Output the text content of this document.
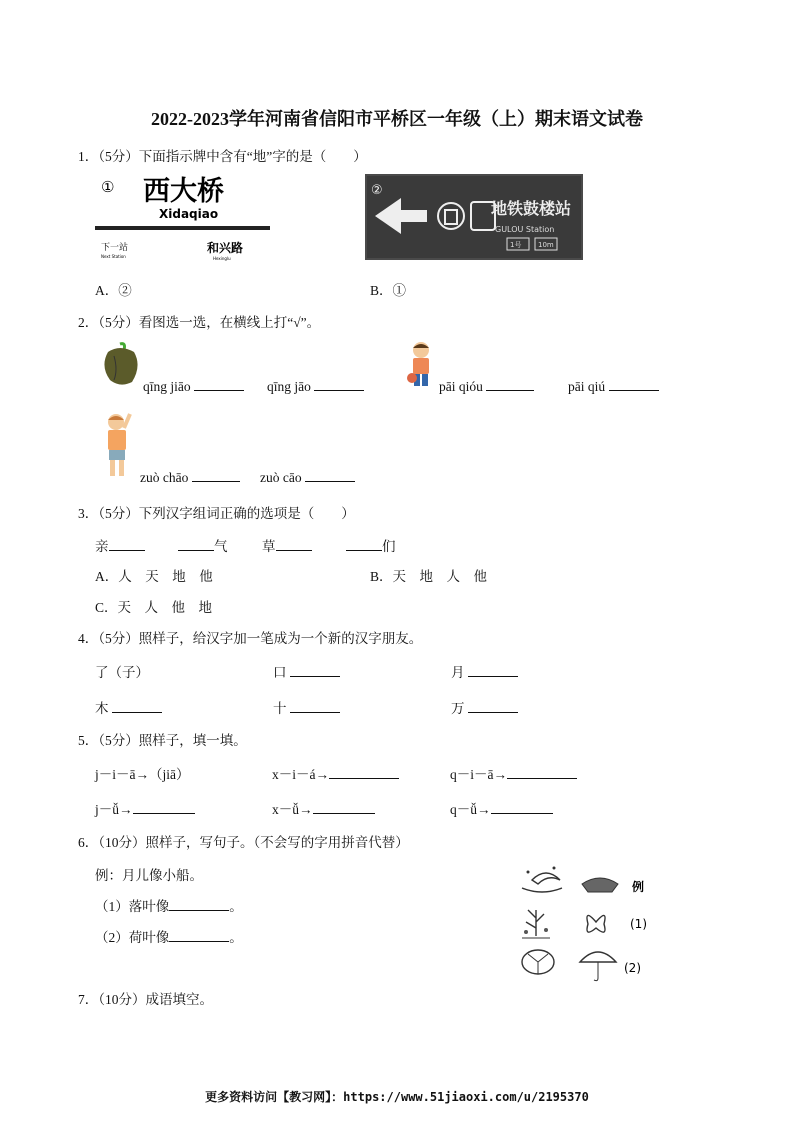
2022-2023学年河南省信阳市平桥区一年级（上）期末语文试卷
1．（5分）下面指示牌中含有“地”字的是（　　）
① 西大桥
Xidaqiao
下一站
Next Station
和兴路
Hexinglu
②
地铁鼓楼站
GULOU Station
1号 10m
A．②	B．①
2．（5分）看图选一选，在横线上打“√”。
qīng jiāo	qīng jāo	pāi qióu	pāi qiú
zuò chāo	zuò cāo
3．（5分）下列汉字组词正确的选项是（　　）
亲	气	草	们
A．人　天　地　他	B．天　地　人　他
C．天　人　他　地
4．（5分）照样子，给汉字加一笔成为一个新的汉字朋友。
了（子）	口	月
木	十	万
5．（5分）照样子，填一填。
j－i－ā→（jiā）	x－i－á→	q－i－ā→
j－ǚ→	x－ǚ→	q－ǚ→
6．（10分）照样子，写句子。（不会写的字用拼音代替）
例：月儿像小船。
（1）落叶像	。
（2）荷叶像	。
例
(1)
(2)
7．（10分）成语填空。
更多资料访问【教习网】：https://www.51jiaoxi.com/u/2195370
